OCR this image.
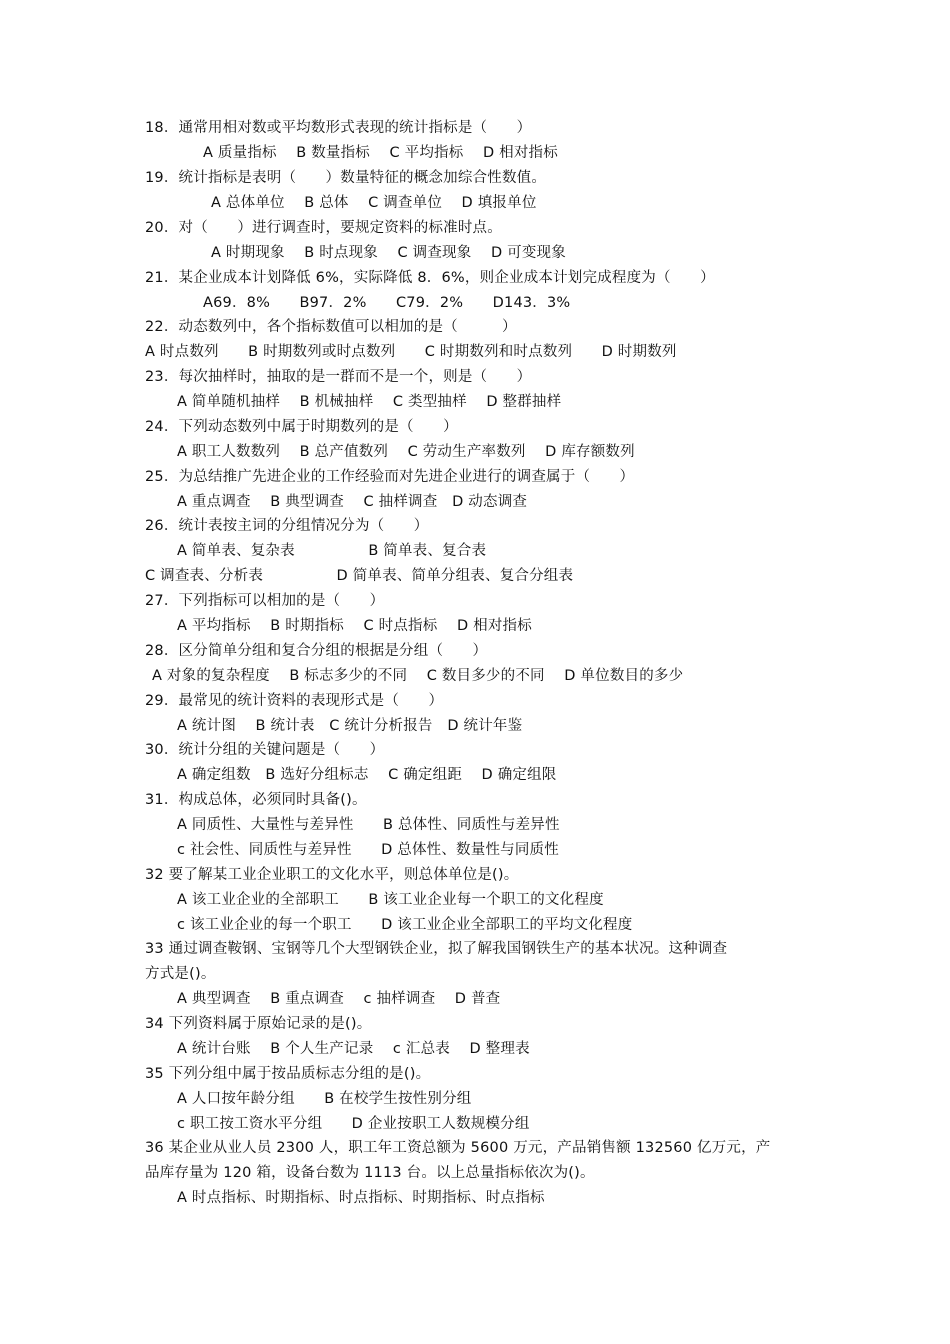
18．通常用相对数或平均数形式表现的统计指标是（　　）
A 质量指标　 B 数量指标　 C 平均指标　 D 相对指标
19．统计指标是表明（　　）数量特征的概念加综合性数值。
A 总体单位　 B 总体　 C 调查单位　 D 填报单位
20．对（　　）进行调查时，要规定资料的标准时点。
A 时期现象　 B 时点现象　 C 调查现象　 D 可变现象
21．某企业成本计划降低 6%，实际降低 8．6%，则企业成本计划完成程度为（　　）
A69．8%　　B97．2%　　C79．2%　　D143．3%
22．动态数列中，各个指标数值可以相加的是（　　　）
A 时点数列　　B 时期数列或时点数列　　C 时期数列和时点数列　　D 时期数列
23．每次抽样时，抽取的是一群而不是一个，则是（　　）
A 简单随机抽样　 B 机械抽样　 C 类型抽样　 D 整群抽样
24．下列动态数列中属于时期数列的是（　　）
A 职工人数数列　 B 总产值数列　 C 劳动生产率数列　 D 库存额数列
25．为总结推广先进企业的工作经验而对先进企业进行的调查属于（　　）
A 重点调查　 B 典型调查　 C 抽样调查　D 动态调查
26．统计表按主词的分组情况分为（　　）
A 简单表、复杂表　　　　　B 简单表、复合表
C 调查表、分析表　　　　　D 简单表、简单分组表、复合分组表
27．下列指标可以相加的是（　　）
A 平均指标　 B 时期指标　 C 时点指标　 D 相对指标
28．区分简单分组和复合分组的根据是分组（　　）
A 对象的复杂程度　 B 标志多少的不同　 C 数目多少的不同　 D 单位数目的多少
29．最常见的统计资料的表现形式是（　　）
A 统计图　 B 统计表　C 统计分析报告　D 统计年鉴
30．统计分组的关键问题是（　　）
A 确定组数　B 选好分组标志　 C 确定组距　 D 确定组限
31．构成总体，必须同时具备()。
A 同质性、大量性与差异性　　B 总体性、同质性与差异性
c 社会性、同质性与差异性　　D 总体性、数量性与同质性
32 要了解某工业企业职工的文化水平，则总体单位是()。
A 该工业企业的全部职工　　B 该工业企业每一个职工的文化程度
c 该工业企业的每一个职工　　D 该工业企业全部职工的平均文化程度
33 通过调查鞍钢、宝钢等几个大型钢铁企业，拟了解我国钢铁生产的基本状况。这种调查
方式是()。
A 典型调查　 B 重点调查　 c 抽样调查　 D 普查
34 下列资料属于原始记录的是()。
A 统计台账　 B 个人生产记录　 c 汇总表　 D 整理表
35 下列分组中属于按品质标志分组的是()。
A 人口按年龄分组　　B 在校学生按性别分组
c 职工按工资水平分组　　D 企业按职工人数规模分组
36 某企业从业人员 2300 人，职工年工资总额为 5600 万元，产品销售额 132560 亿万元，产
品库存量为 120 箱，设备台数为 1113 台。以上总量指标依次为()。
A 时点指标、时期指标、时点指标、时期指标、时点指标
